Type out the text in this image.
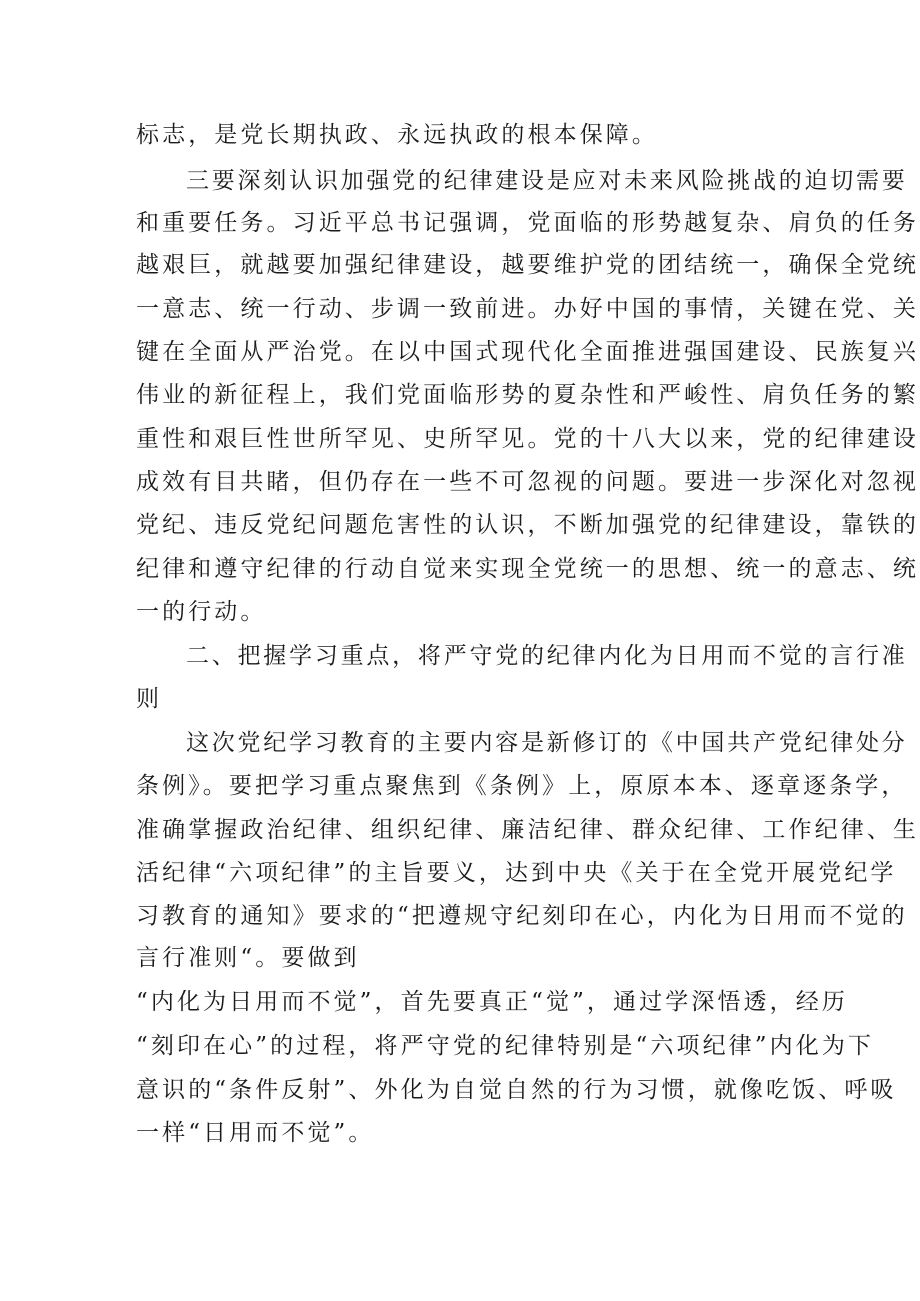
标志，是党长期执政、永远执政的根本保障。

三要深刻认识加强党的纪律建设是应对未来风险挑战的迫切需要

和重要任务。习近平总书记强调，党面临的形势越复杂、肩负的任务

越艰巨，就越要加强纪律建设，越要维护党的团结统一，确保全党统

一意志、统一行动、步调一致前进。办好中国的事情，关键在党、关

键在全面从严治党。在以中国式现代化全面推进强国建设、民族复兴

伟业的新征程上，我们党面临形势的夏杂性和严峻性、肩负任务的繁

重性和艰巨性世所罕见、史所罕见。党的十八大以来，党的纪律建设

成效有目共睹，但仍存在一些不可忽视的问题。要进一步深化对忽视

党纪、违反党纪问题危害性的认识，不断加强党的纪律建设，靠铁的

纪律和遵守纪律的行动自觉来实现全党统一的思想、统一的意志、统

一的行动。

二、把握学习重点，将严守党的纪律内化为日用而不觉的言行准

则

这次党纪学习教育的主要内容是新修订的《中国共产党纪律处分

条例》。要把学习重点聚焦到《条例》上，原原本本、逐章逐条学，

准确掌握政治纪律、组织纪律、廉洁纪律、群众纪律、工作纪律、生

活纪律“六项纪律”的主旨要义，达到中央《关于在全党开展党纪学

习教育的通知》要求的“把遵规守纪刻印在心，内化为日用而不觉的

言行准则“。要做到

“内化为日用而不觉”，首先要真正“觉”，通过学深悟透，经历

“刻印在心”的过程，将严守党的纪律特别是“六项纪律”内化为下

意识的“条件反射”、外化为自觉自然的行为习惯，就像吃饭、呼吸

一样“日用而不觉”。
